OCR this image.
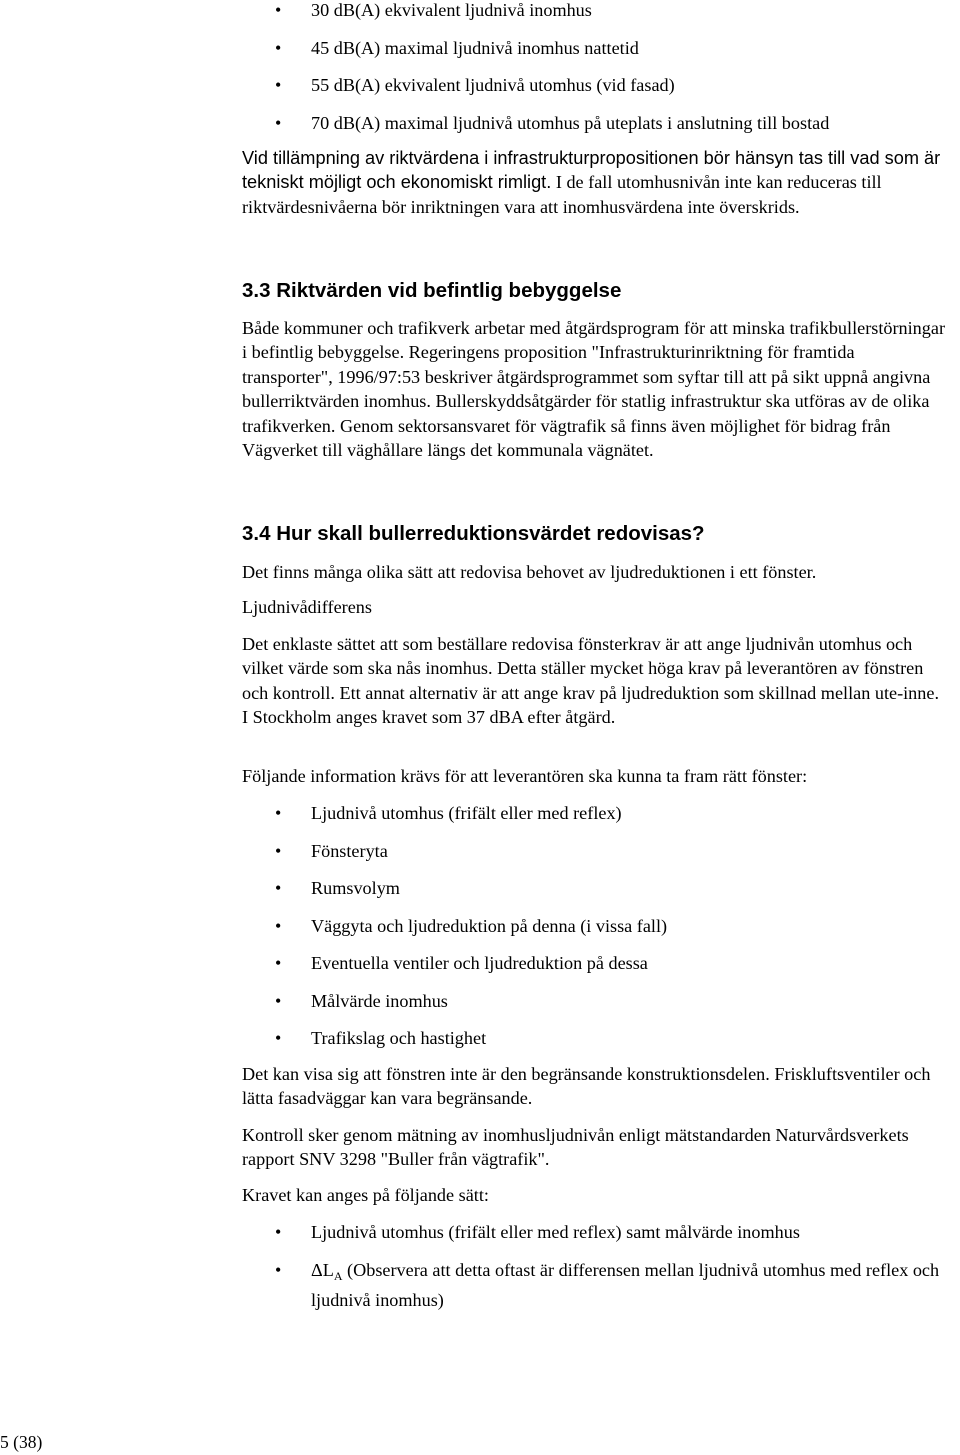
• 30 dB(A) ekvivalent ljudnivå inomhus
• 45 dB(A) maximal ljudnivå inomhus nattetid
• 55 dB(A) ekvivalent ljudnivå utomhus (vid fasad)
• 70 dB(A) maximal ljudnivå utomhus på uteplats i anslutning till bostad

Vid tillämpning av riktvärdena i infrastrukturpropositionen bör hänsyn tas till vad som är tekniskt möjligt och ekonomiskt rimligt. I de fall utomhusnivån inte kan reduceras till riktvärdesnivåerna bör inriktningen vara att inomhusvärdena inte överskrids.

3.3 Riktvärden vid befintlig bebyggelse

Både kommuner och trafikverk arbetar med åtgärdsprogram för att minska trafikbullerstörningar i befintlig bebyggelse. Regeringens proposition "Infrastrukturinriktning för framtida transporter", 1996/97:53 beskriver åtgärdsprogrammet som syftar till att på sikt uppnå angivna bullerriktvärden inomhus. Bullerskyddsåtgärder för statlig infrastruktur ska utföras av de olika trafikverken. Genom sektorsansvaret för vägtrafik så finns även möjlighet för bidrag från Vägverket till väghållare längs det kommunala vägnätet.

3.4 Hur skall bullerreduktionsvärdet redovisas?

Det finns många olika sätt att redovisa behovet av ljudreduktionen i ett fönster.

Ljudnivådifferens

Det enklaste sättet att som beställare redovisa fönsterkrav är att ange ljudnivån utomhus och vilket värde som ska nås inomhus. Detta ställer mycket höga krav på leverantören av fönstren och kontroll. Ett annat alternativ är att ange krav på ljudreduktion som skillnad mellan ute-inne. I Stockholm anges kravet som 37 dBA efter åtgärd.

Följande information krävs för att leverantören ska kunna ta fram rätt fönster:

• Ljudnivå utomhus (frifält eller med reflex)
• Fönsteryta
• Rumsvolym
• Väggyta och ljudreduktion på denna (i vissa fall)
• Eventuella ventiler och ljudreduktion på dessa
• Målvärde inomhus
• Trafikslag och hastighet

Det kan visa sig att fönstren inte är den begränsande konstruktionsdelen. Friskluftsventiler och lätta fasadväggar kan vara begränsande.

Kontroll sker genom mätning av inomhusljudnivån enligt mätstandarden Naturvårdsverkets rapport SNV 3298 "Buller från vägtrafik".

Kravet kan anges på följande sätt:

• Ljudnivå utomhus (frifält eller med reflex) samt målvärde inomhus
• $\Delta L_A$ (Observera att detta oftast är differensen mellan ljudnivå utomhus med reflex och ljudnivå inomhus)
5 (38)
